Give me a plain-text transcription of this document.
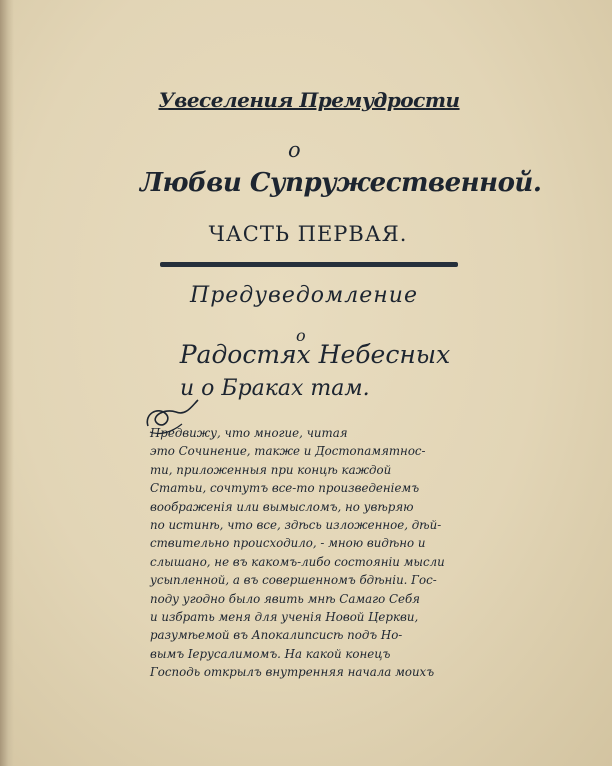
Увеселения Премудрости
о
Любви Супружественной.
ЧАСТЬ ПЕРВАЯ.
Предуведомление
о
Радостях Небесных
и о Браках там.
Предвижу, что многие, читая
это Сочинение, также и Достопамятнос-
ти, приложенныя при концѣ каждой
Статьи, сочтутъ все-то произведеніемъ
воображенія или вымысломъ, но увѣряю
по истинѣ, что все, здѣсь изложенное, дѣй-
ствительно происходило, - мною видѣно и
слышано, не въ какомъ-либо состояніи мысли
усыпленной, а въ совершенномъ бдѣніи. Гос-
поду угодно было явить мнѣ Самаго Себя
и избрать меня для ученія Новой Церкви,
разумѣемой въ Апокалипсисѣ подъ Но-
вымъ Іерусалимомъ. На какой конецъ
Господь открылъ внутренняя начала моихъ
